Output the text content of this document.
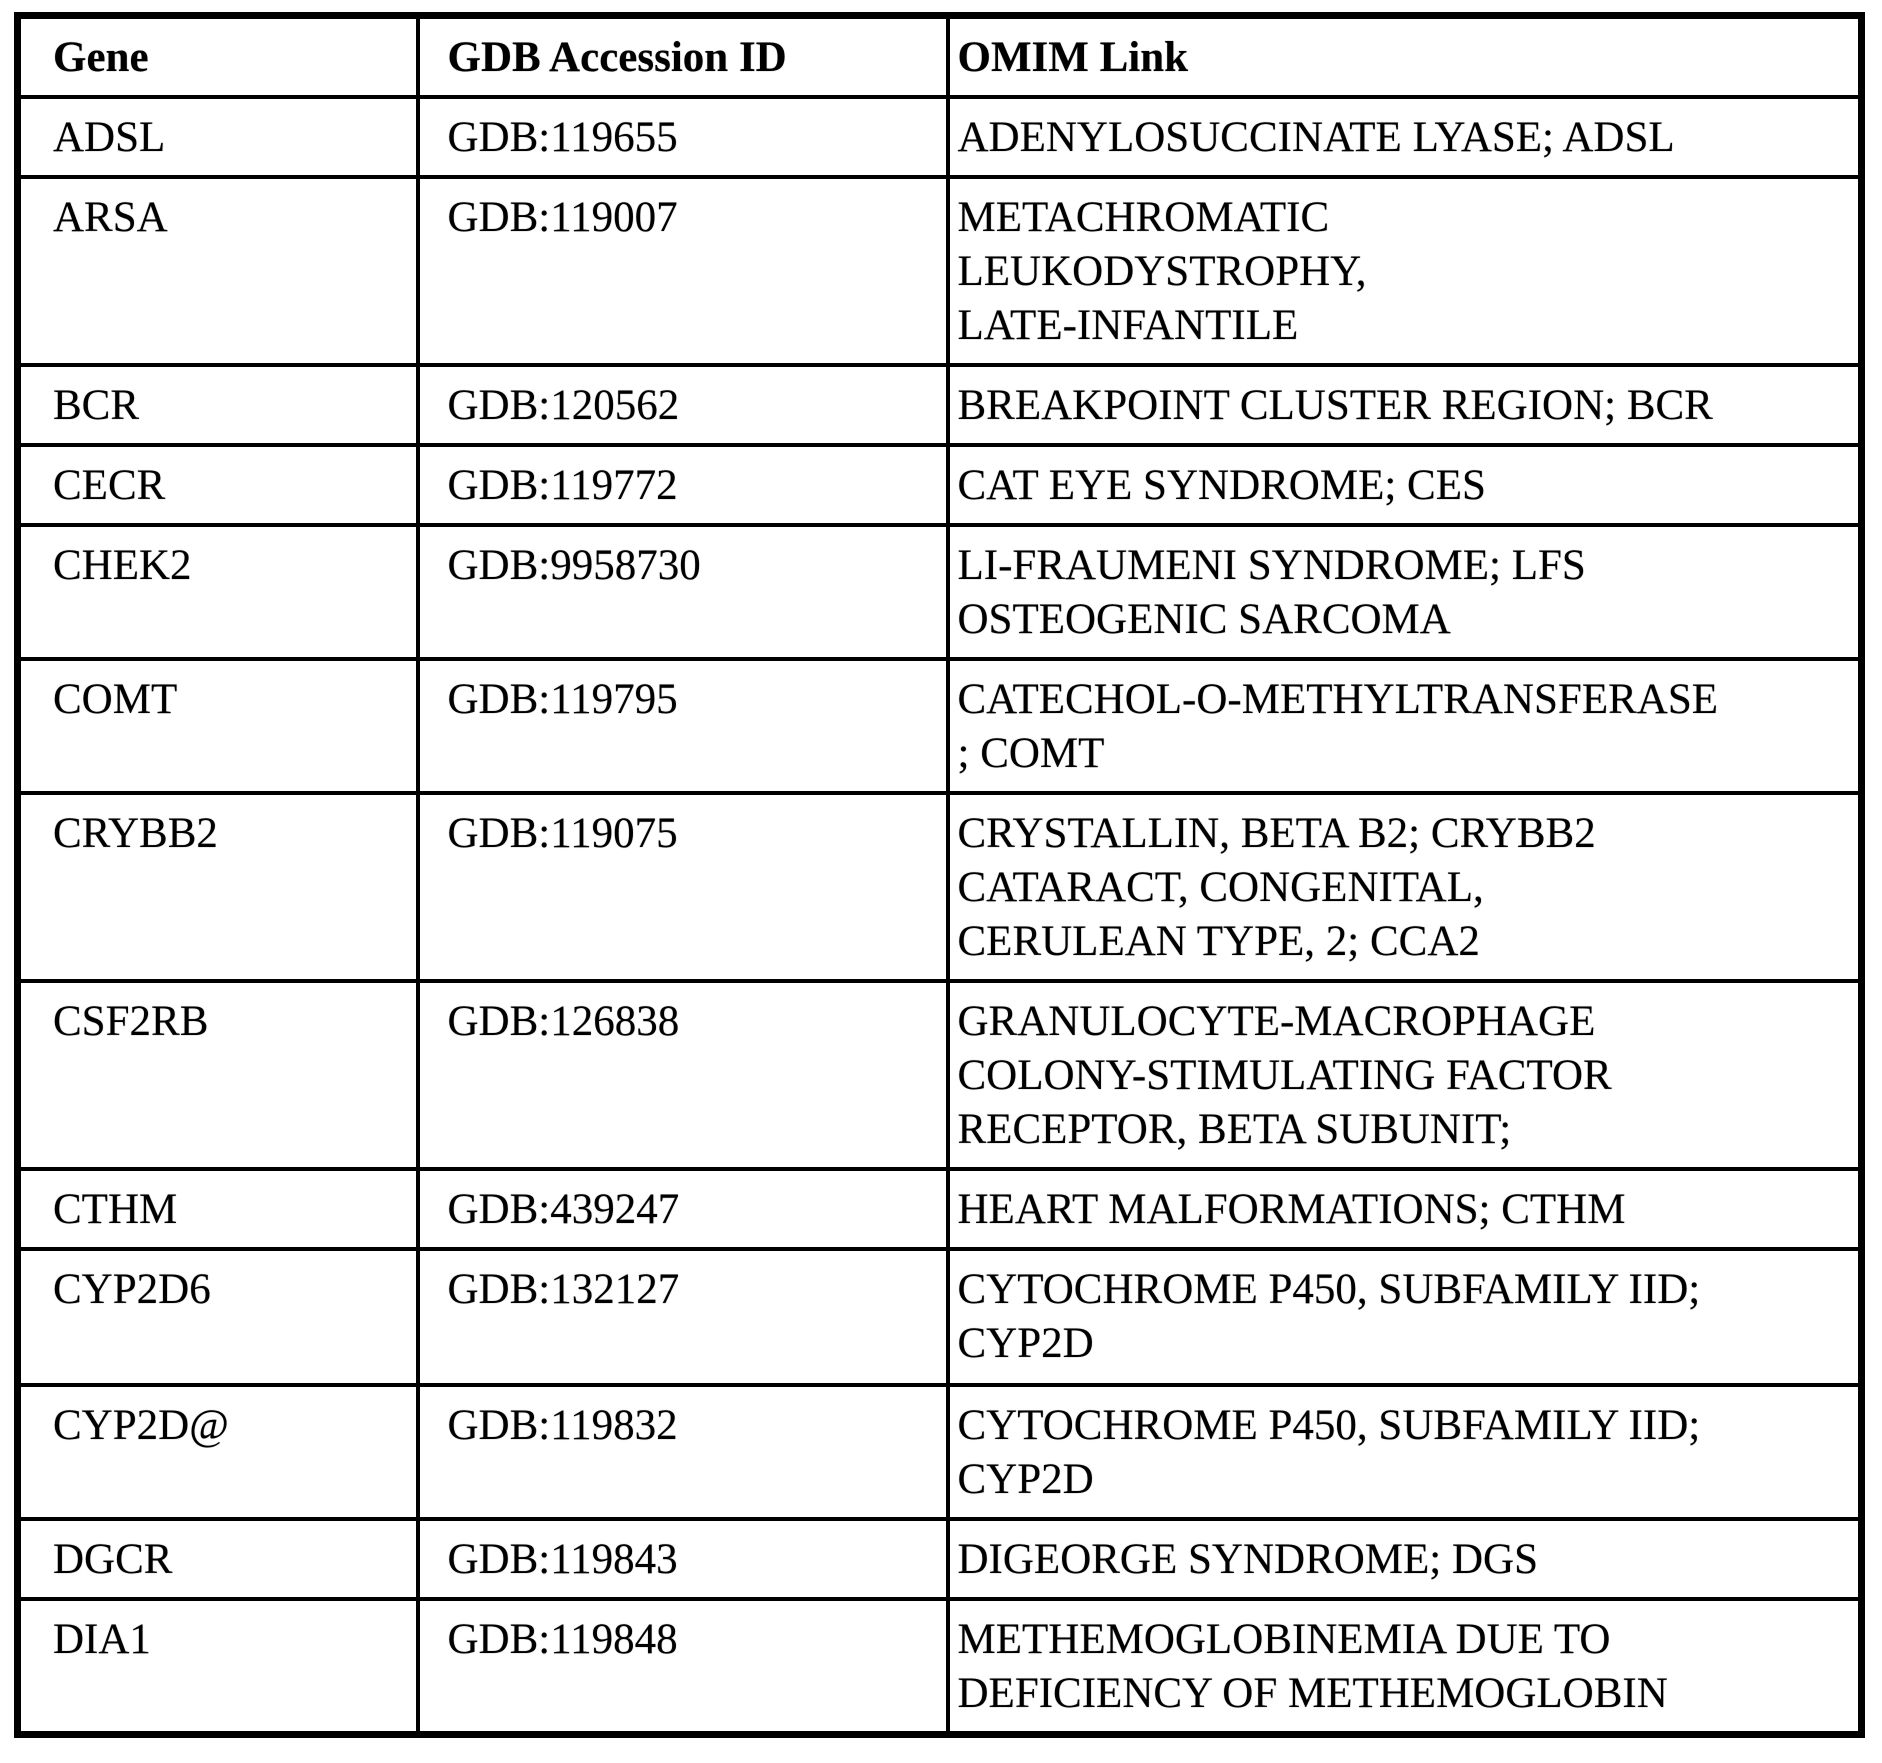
Gene	GDB Accession ID	OMIM Link
ADSL	GDB:119655	ADENYLOSUCCINATE LYASE; ADSL
ARSA	GDB:119007	METACHROMATIC
LEUKODYSTROPHY,
LATE-INFANTILE
BCR	GDB:120562	BREAKPOINT CLUSTER REGION; BCR
CECR	GDB:119772	CAT EYE SYNDROME; CES
CHEK2	GDB:9958730	LI-FRAUMENI SYNDROME; LFS
OSTEOGENIC SARCOMA
COMT	GDB:119795	CATECHOL-O-METHYLTRANSFERASE
; COMT
CRYBB2	GDB:119075	CRYSTALLIN, BETA B2; CRYBB2
CATARACT, CONGENITAL,
CERULEAN TYPE, 2; CCA2
CSF2RB	GDB:126838	GRANULOCYTE-MACROPHAGE
COLONY-STIMULATING FACTOR
RECEPTOR, BETA SUBUNIT;
CTHM	GDB:439247	HEART MALFORMATIONS; CTHM
CYP2D6	GDB:132127	CYTOCHROME P450, SUBFAMILY IID;
CYP2D
CYP2D@	GDB:119832	CYTOCHROME P450, SUBFAMILY IID;
CYP2D
DGCR	GDB:119843	DIGEORGE SYNDROME; DGS
DIA1	GDB:119848	METHEMOGLOBINEMIA DUE TO
DEFICIENCY OF METHEMOGLOBIN
